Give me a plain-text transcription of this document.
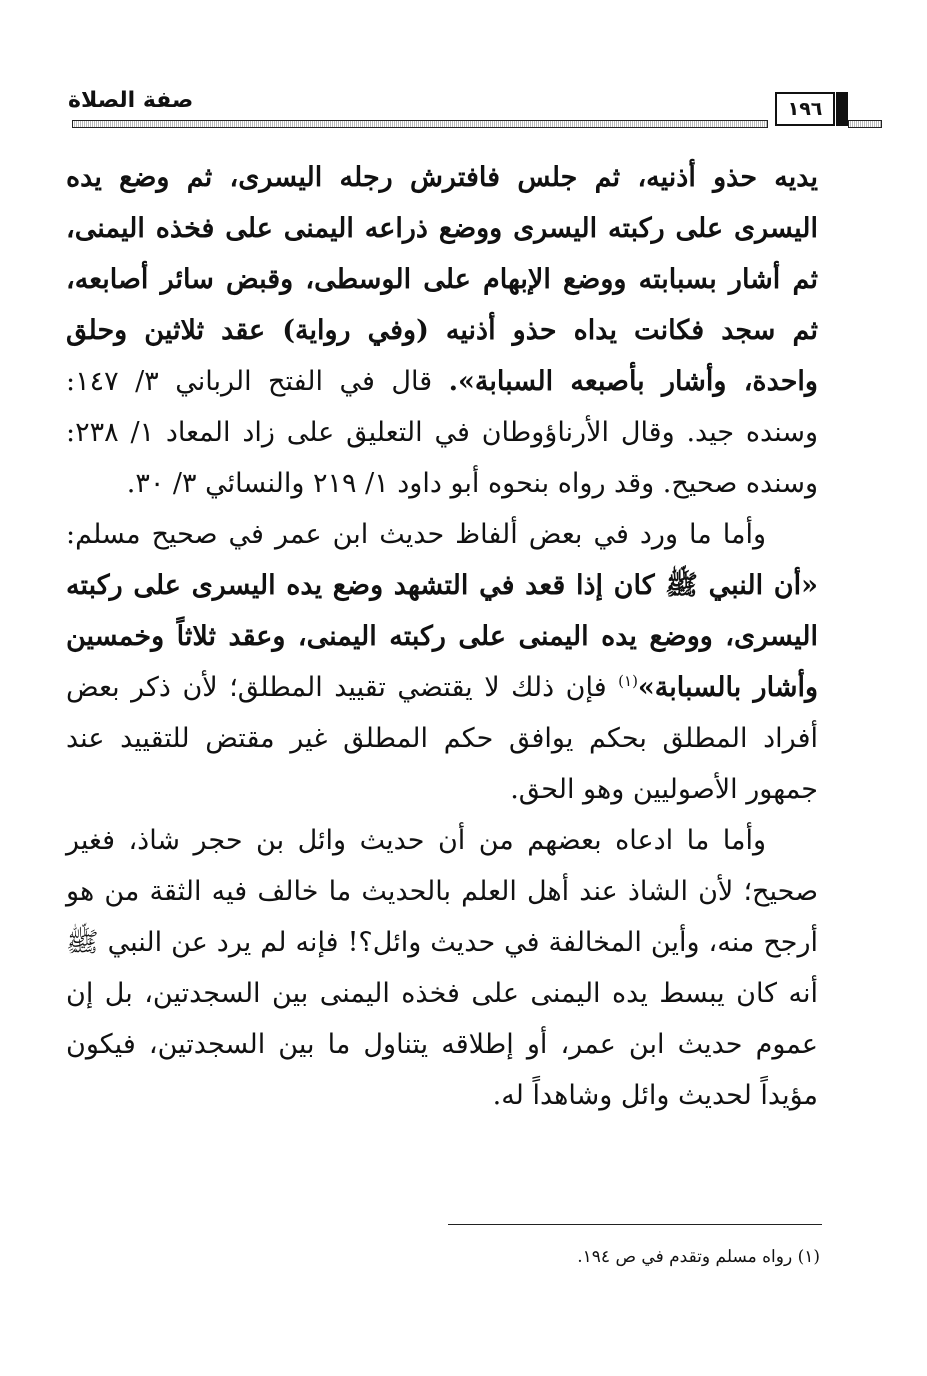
صفة الصلاة	١٩٦

يديه حذو أذنيه، ثم جلس فافترش رجله اليسرى، ثم وضع يده اليسرى على ركبته اليسرى ووضع ذراعه اليمنى على فخذه اليمنى، ثم أشار بسبابته ووضع الإبهام على الوسطى، وقبض سائر أصابعه، ثم سجد فكانت يداه حذو أذنيه (وفي رواية) عقد ثلاثين وحلق واحدة، وأشار بأصبعه السبابة». قال في الفتح الرباني ٣/ ١٤٧: وسنده جيد. وقال الأرناؤوطان في التعليق على زاد المعاد ١/ ٢٣٨: وسنده صحيح. وقد رواه بنحوه أبو داود ١/ ٢١٩ والنسائي ٣/ ٣٠.

وأما ما ورد في بعض ألفاظ حديث ابن عمر في صحيح مسلم: «أن النبي ﷺ كان إذا قعد في التشهد وضع يده اليسرى على ركبته اليسرى، ووضع يده اليمنى على ركبته اليمنى، وعقد ثلاثاً وخمسين وأشار بالسبابة»$^{(١)}$ فإن ذلك لا يقتضي تقييد المطلق؛ لأن ذكر بعض أفراد المطلق بحكم يوافق حكم المطلق غير مقتض للتقييد عند جمهور الأصوليين وهو الحق.

وأما ما ادعاه بعضهم من أن حديث وائل بن حجر شاذ، فغير صحيح؛ لأن الشاذ عند أهل العلم بالحديث ما خالف فيه الثقة من هو أرجح منه، وأين المخالفة في حديث وائل؟! فإنه لم يرد عن النبي ﷺ أنه كان يبسط يده اليمنى على فخذه اليمنى بين السجدتين، بل إن عموم حديث ابن عمر، أو إطلاقه يتناول ما بين السجدتين، فيكون مؤيداً لحديث وائل وشاهداً له.

(١) رواه مسلم وتقدم في ص ١٩٤.
